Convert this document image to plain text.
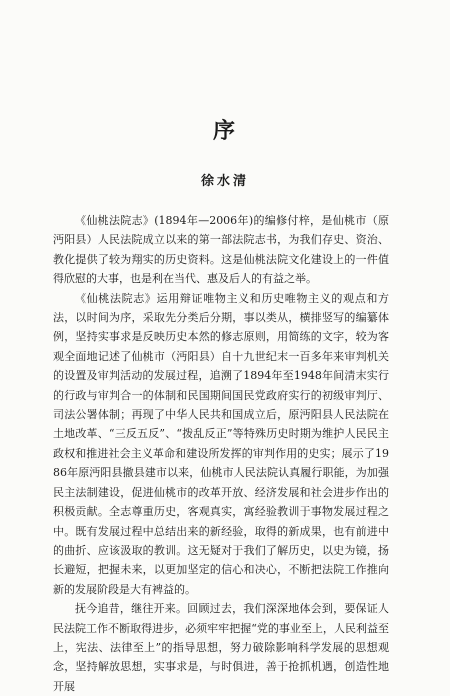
序
徐水清

《仙桃法院志》(1894年—2006年)的编修付梓，是仙桃市（原沔阳县）人民法院成立以来的第一部法院志书，为我们存史、资治、教化提供了较为翔实的历史资料。这是仙桃法院文化建设上的一件值得欣慰的大事，也是利在当代、惠及后人的有益之举。

《仙桃法院志》运用辩证唯物主义和历史唯物主义的观点和方法，以时间为序，采取先分类后分期，事以类从，横排竖写的编纂体例，坚持实事求是反映历史本然的修志原则，用简练的文字，较为客观全面地记述了仙桃市（沔阳县）自十九世纪末一百多年来审判机关的设置及审判活动的发展过程，追溯了1894年至1948年间清末实行的行政与审判合一的体制和民国期间国民党政府实行的初级审判厅、司法公署体制；再现了中华人民共和国成立后，原沔阳县人民法院在土地改革、“三反五反”、“拨乱反正”等特殊历史时期为维护人民民主政权和推进社会主义革命和建设所发挥的审判作用的史实；展示了1986年原沔阳县撤县建市以来，仙桃市人民法院认真履行职能，为加强民主法制建设，促进仙桃市的改革开放、经济发展和社会进步作出的积极贡献。全志尊重历史，客观真实，寓经验教训于事物发展过程之中。既有发展过程中总结出来的新经验，取得的新成果，也有前进中的曲折、应该汲取的教训。这无疑对于我们了解历史，以史为镜，扬长避短，把握未来，以更加坚定的信心和决心，不断把法院工作推向新的发展阶段是大有裨益的。

抚今追昔，继往开来。回顾过去，我们深深地体会到，要保证人民法院工作不断取得进步，必须牢牢把握“党的事业至上，人民利益至上，宪法、法律至上”的指导思想，努力破除影响科学发展的思想观念，坚持解放思想，实事求是，与时俱进，善于抢抓机遇，创造性地开展
